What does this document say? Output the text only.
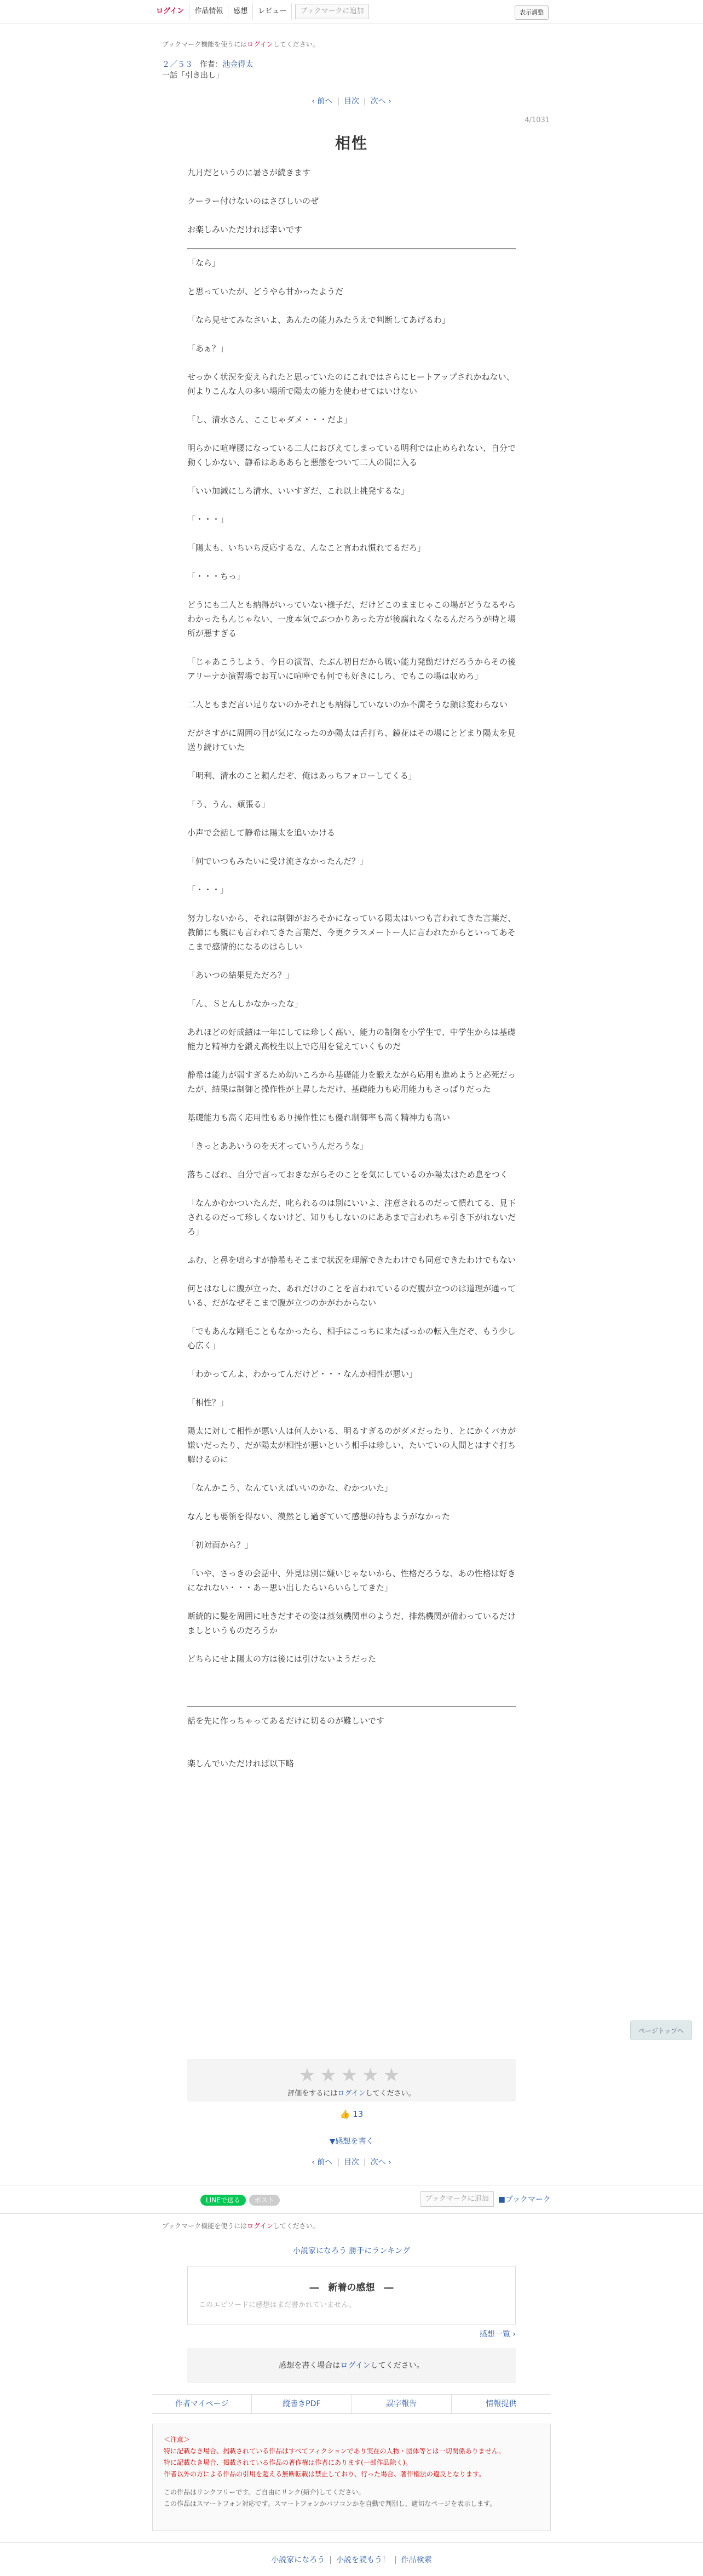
ログイン	作品情報	感想	レビュー	ブックマークに追加	表示調整
ブックマーク機能を使うにはログインしてください。
２／５３ 作者：池金得太
一話「引き出し」
‹ 前へ | 目次 | 次へ ›
4/1031
相性

九月だというのに暑さが続きます

クーラー付けないのはさびしいのぜ

お楽しみいただければ幸いです

「なら」

と思っていたが、どうやら甘かったようだ

「なら見せてみなさいよ、あんたの能力みたうえで判断してあげるわ」

「あぁ？」

せっかく状況を変えられたと思っていたのにこれではさらにヒートアップされかねない、何よりこんな人の多い場所で陽太の能力を使わせてはいけない

「し、清水さん、ここじゃダメ・・・だよ」

明らかに喧嘩腰になっている二人におびえてしまっている明利では止められない、自分で動くしかない、静希はあああらと悪態をついて二人の間に入る

「いい加減にしろ清水、いいすぎだ、これ以上挑発するな」

「・・・」

「陽太も、いちいち反応するな、んなこと言われ慣れてるだろ」

「・・・ちっ」

どうにも二人とも納得がいっていない様子だ、だけどこのままじゃこの場がどうなるやらわかったもんじゃない、一度本気でぶつかりあった方が後腐れなくなるんだろうが時と場所が悪すぎる

「じゃあこうしよう、今日の演習、たぶん初日だから戦い能力発動だけだろうからその後アリーナか演習場でお互いに喧嘩でも何でも好きにしろ、でもこの場は収めろ」

二人ともまだ言い足りないのかそれとも納得していないのか不満そうな顔は変わらない

だがさすがに周囲の目が気になったのか陽太は舌打ち、鏡花はその場にとどまり陽太を見送り続けていた

「明利、清水のこと頼んだぞ、俺はあっちフォローしてくる」

「う、うん、頑張る」

小声で会話して静希は陽太を追いかける

「何でいつもみたいに受け流さなかったんだ？」

「・・・」

努力しないから、それは制御がおろそかになっている陽太はいつも言われてきた言葉だ、教師にも親にも言われてきた言葉だ、今更クラスメートー人に言われたからといってあそこまで感情的になるのはらしい

「あいつの結果見ただろ？」

「ん、Ｓとんしかなかったな」

あれほどの好成績は一年にしては珍しく高い、能力の制御を小学生で、中学生からは基礎能力と精神力を鍛え高校生以上で応用を覚えていくものだ

静希は能力が弱すぎるため幼いころから基礎能力を鍛えながら応用も進めようと必死だったが、結果は制御と操作性が上昇しただけ、基礎能力も応用能力もさっぱりだった

基礎能力も高く応用性もあり操作性にも優れ制御率も高く精神力も高い

「きっとああいうのを天才っていうんだろうな」

落ちこぼれ、自分で言っておきながらそのことを気にしているのか陽太はため息をつく

「なんかむかついたんだ、叱られるのは別にいいよ、注意されるのだって慣れてる、見下されるのだって珍しくないけど、知りもしないのにああまで言われちゃ引き下がれないだろ」

ふむ、と鼻を鳴らすが静希もそこまで状況を理解できたわけでも同意できたわけでもない

何とはなしに腹が立った、あれだけのことを言われているのだ腹が立つのは道理が通っている、だがなぜそこまで腹が立つのかがわからない

「でもあんな剛毛こともなかったら、相手はこっちに来たばっかの転入生だぞ、もう少し心広く」

「わかってんよ、わかってんだけど・・・なんか相性が悪い」

「相性？」

陽太に対して相性が悪い人は何人かいる、明るすぎるのがダメだったり、とにかくバカが嫌いだったり、だが陽太が相性が悪いという相手は珍しい、たいていの人間とはすぐ打ち解けるのに

「なんかこう、なんていえばいいのかな、むかついた」

なんとも要領を得ない、漠然とし過ぎていて感想の持ちようがなかった

「初対面から？」

「いや、さっきの会話中、外見は別に嫌いじゃないから、性格だろうな、あの性格は好きになれない・・・あー思い出したらいらいらしてきた」

断続的に髪を周囲に吐きだすその姿は蒸気機関車のようだ、排熱機関が備わっているだけましというものだろうか

どちらにせよ陽太の方は後には引けないようだった

話を先に作っちゃってあるだけに切るのが難しいです

楽しんでいただければ以下略

★★★★★
評価をするにはログインしてください。
👍 13
▼感想を書く
‹ 前へ | 目次 | 次へ ›
LINEで送る	ポスト	ブックマークに追加	■ブックマーク
ブックマーク機能を使うにはログインしてください。
小説家になろう 勝手にランキング
―　新着の感想　―
このエピソードに感想はまだ書かれていません。
感想一覧 ›
感想を書く場合はログインしてください。
作者マイページ	縦書きPDF	誤字報告	情報提供
＜注意＞
特に記載なき場合、掲載されている作品はすべてフィクションであり実在の人物・団体等とは一切関係ありません。
特に記載なき場合、掲載されている作品の著作権は作者にあります(一部作品除く)。
作者以外の方による作品の引用を超える無断転載は禁止しており、行った場合、著作権法の違反となります。
この作品はリンクフリーです。ご自由にリンク(紹介)してください。
この作品はスマートフォン対応です。スマートフォンかパソコンかを自動で判別し、適切なページを表示します。
小説家になろう | 小説を読もう！ | 作品検索
ページトップへ
